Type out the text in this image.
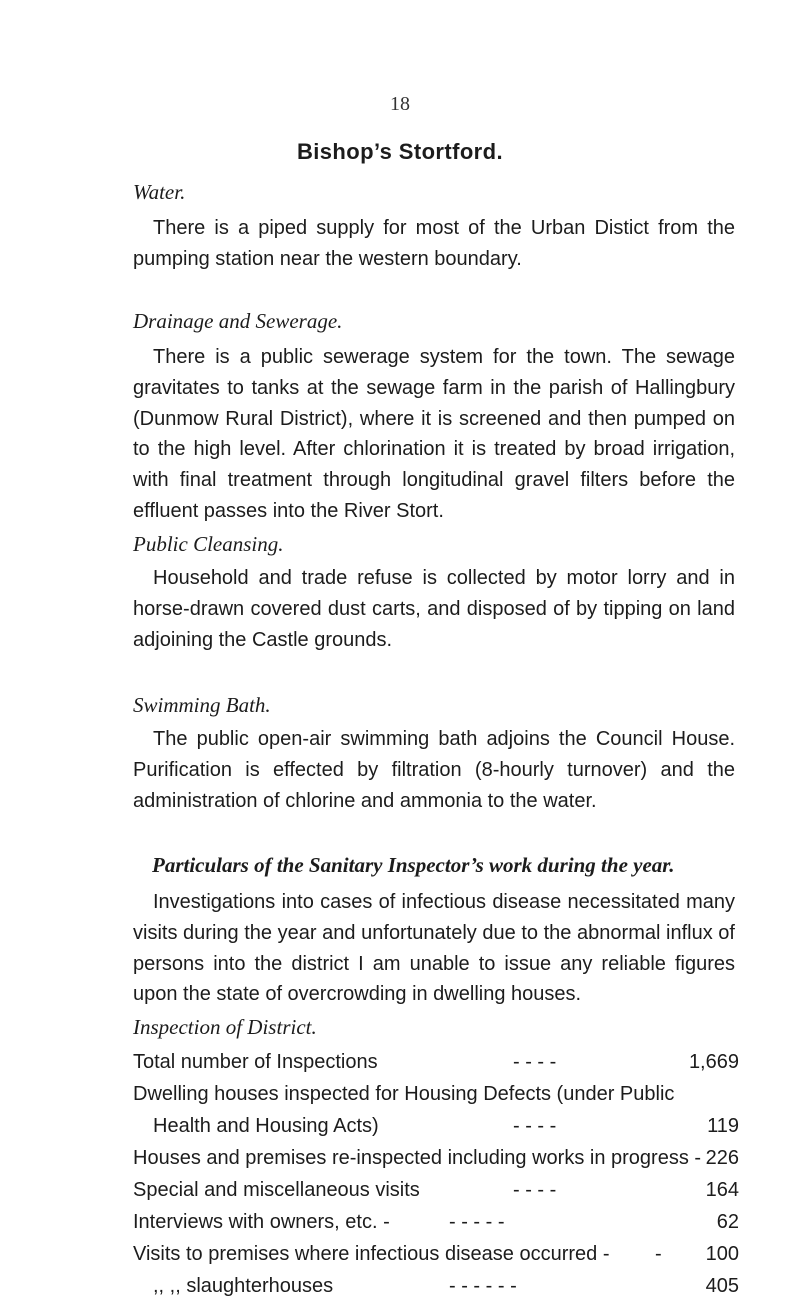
18
Bishop’s Stortford.
Water.

There is a piped supply for most of the Urban Distict from the pumping station near the western boundary.

Drainage and Sewerage.

There is a public sewerage system for the town. The sewage gravitates to tanks at the sewage farm in the parish of Hallingbury (Dunmow Rural District), where it is screened and then pumped on to the high level. After chlorination it is treated by broad irrigation, with final treatment through longitudinal gravel filters before the effluent passes into the River Stort.

Public Cleansing.

Household and trade refuse is collected by motor lorry and in horse-drawn covered dust carts, and disposed of by tipping on land adjoining the Castle grounds.

Swimming Bath.

The public open-air swimming bath adjoins the Council House. Purification is effected by filtration (8-hourly turnover) and the administration of chlorine and ammonia to the water.

Particulars of the Sanitary Inspector’s work during the year.

Investigations into cases of infectious disease necessitated many visits during the year and unfortunately due to the abnormal influx of persons into the district I am unable to issue any reliable figures upon the state of overcrowding in dwelling houses.

Inspection of District.
Total number of Inspections	- - - -	1,669
Dwelling houses inspected for Housing Defects (under Public
Health and Housing Acts)	- - - -	119
Houses and premises re-inspected including works in progress - 226
Special and miscellaneous visits	- - - -	164
Interviews with owners, etc. -	- - - - -	62
Visits to premises where infectious disease occurred - - 100
,, ,, slaughterhouses	- - - - - -	405
